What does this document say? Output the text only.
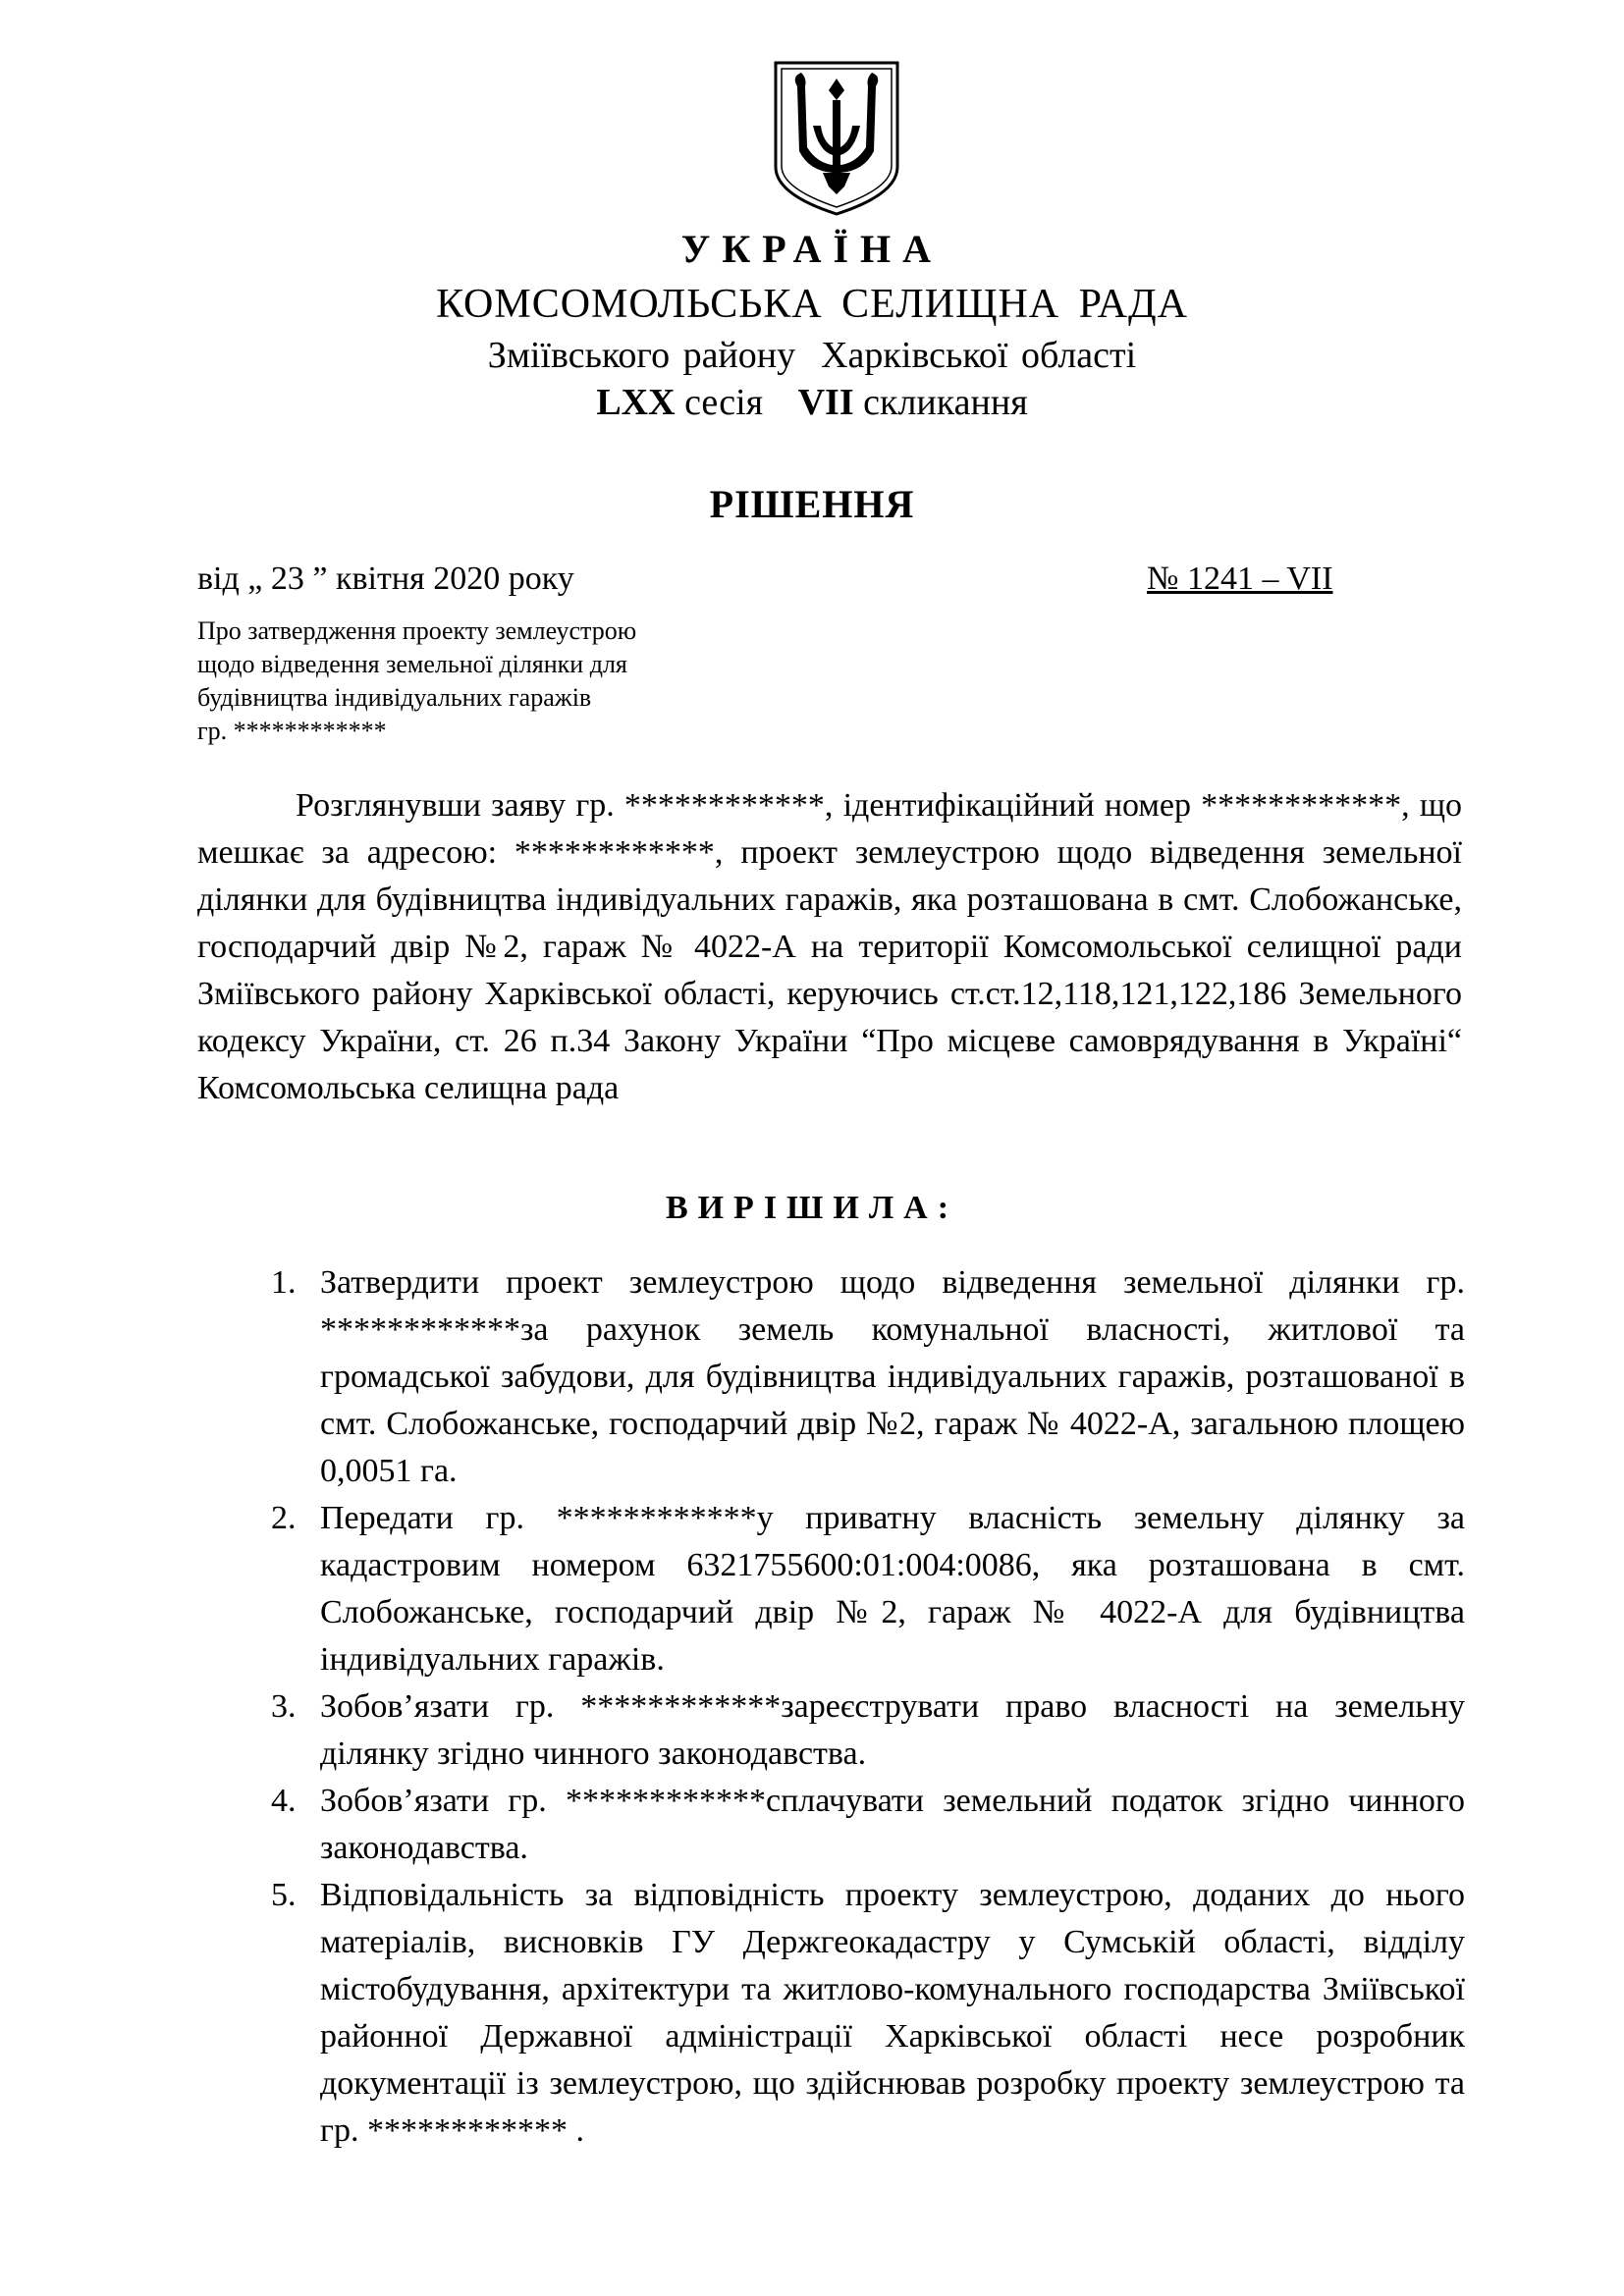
УКРАЇНА
КОМСОМОЛЬСЬКА СЕЛИЩНА РАДА
Зміївського району Харківської області
LXX сесія VII скликання
РІШЕННЯ
від „ 23 ” квітня 2020 року	№ 1241 – VII
Про затвердження проекту землеустрою
щодо відведення земельної ділянки для
будівництва індивідуальних гаражів
гр. ************

Розглянувши заяву гр. ************, ідентифікаційний номер ************, що мешкає за адресою: ************, проект землеустрою щодо відведення земельної ділянки для будівництва індивідуальних гаражів, яка розташована в смт. Слобожанське, господарчий двір №2, гараж № 4022-А на території Комсомольської селищної ради Зміївського району Харківської області, керуючись ст.ст.12,118,121,122,186 Земельного кодексу України, ст. 26 п.34 Закону України “Про місцеве самоврядування в Україні“ Комсомольська селищна рада

ВИРІШИЛА:
1. Затвердити проект землеустрою щодо відведення земельної ділянки гр. ************за рахунок земель комунальної власності, житлової та громадської забудови, для будівництва індивідуальних гаражів, розташованої в смт. Слобожанське, господарчий двір №2, гараж № 4022-А, загальною площею 0,0051 га.
2. Передати гр. ************у приватну власність земельну ділянку за кадастровим номером 6321755600:01:004:0086, яка розташована в смт. Слобожанське, господарчий двір №2, гараж № 4022-А для будівництва індивідуальних гаражів.
3. Зобов’язати гр. ************зареєструвати право власності на земельну ділянку згідно чинного законодавства.
4. Зобов’язати гр. ************сплачувати земельний податок згідно чинного законодавства.
5. Відповідальність за відповідність проекту землеустрою, доданих до нього матеріалів, висновків ГУ Держгеокадастру у Сумській області, відділу містобудування, архітектури та житлово-комунального господарства Зміївської районної Державної адміністрації Харківської області несе розробник документації із землеустрою, що здійснював розробку проекту землеустрою та гр. ************ .
